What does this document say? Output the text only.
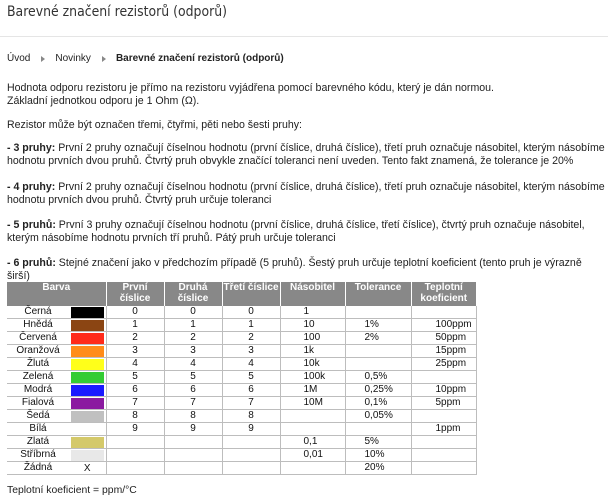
Barevné značení rezistorů (odporů)
Úvod	Novinky	Barevné značení rezistorů (odporů)

Hodnota odporu rezistoru je přímo na rezistoru vyjádřena pomocí barevného kódu, který je dán normou.
Základní jednotkou odporu je 1 Ohm (Ω).

Rezistor může být označen třemi, čtyřmi, pěti nebo šesti pruhy:

- 3 pruhy: První 2 pruhy označují číselnou hodnotu (první číslice, druhá číslice), třetí pruh označuje násobitel, kterým násobíme hodnotu prvních dvou pruhů. Čtvrtý pruh obvykle značící toleranci není uveden. Tento fakt znamená, že tolerance je 20%

- 4 pruhy: První 2 pruhy označují číselnou hodnotu (první číslice, druhá číslice), třetí pruh označuje násobitel, kterým násobíme hodnotu prvních dvou pruhů. Čtvrtý pruh určuje toleranci

- 5 pruhů: První 3 pruhy označují číselnou hodnotu (první číslice, druhá číslice, třetí číslice), čtvrtý pruh označuje násobitel, kterým násobíme hodnotu prvních tří pruhů. Pátý pruh určuje toleranci

- 6 pruhů: Stejné značení jako v předchozím případě (5 pruhů). Šestý pruh určuje teplotní koeficient (tento pruh je výrazně širší)

Barva		První číslice	Druhá číslice	Třetí číslice	Násobitel	Tolerance	Teplotní koeficient
Černá		0	0	0	1		
Hnědá		1	1	1	10	1%	100ppm
Červená		2	2	2	100	2%	50ppm
Oranžová		3	3	3	1k		15ppm
Žlutá		4	4	4	10k		25ppm
Zelená		5	5	5	100k	0,5%	
Modrá		6	6	6	1M	0,25%	10ppm
Fialová		7	7	7	10M	0,1%	5ppm
Šedá		8	8	8		0,05%	
Bílá		9	9	9			1ppm
Zlatá					0,1	5%	
Stříbrná					0,01	10%	
Žádná	X					20%	
Teplotní koeficient = ppm/°C
